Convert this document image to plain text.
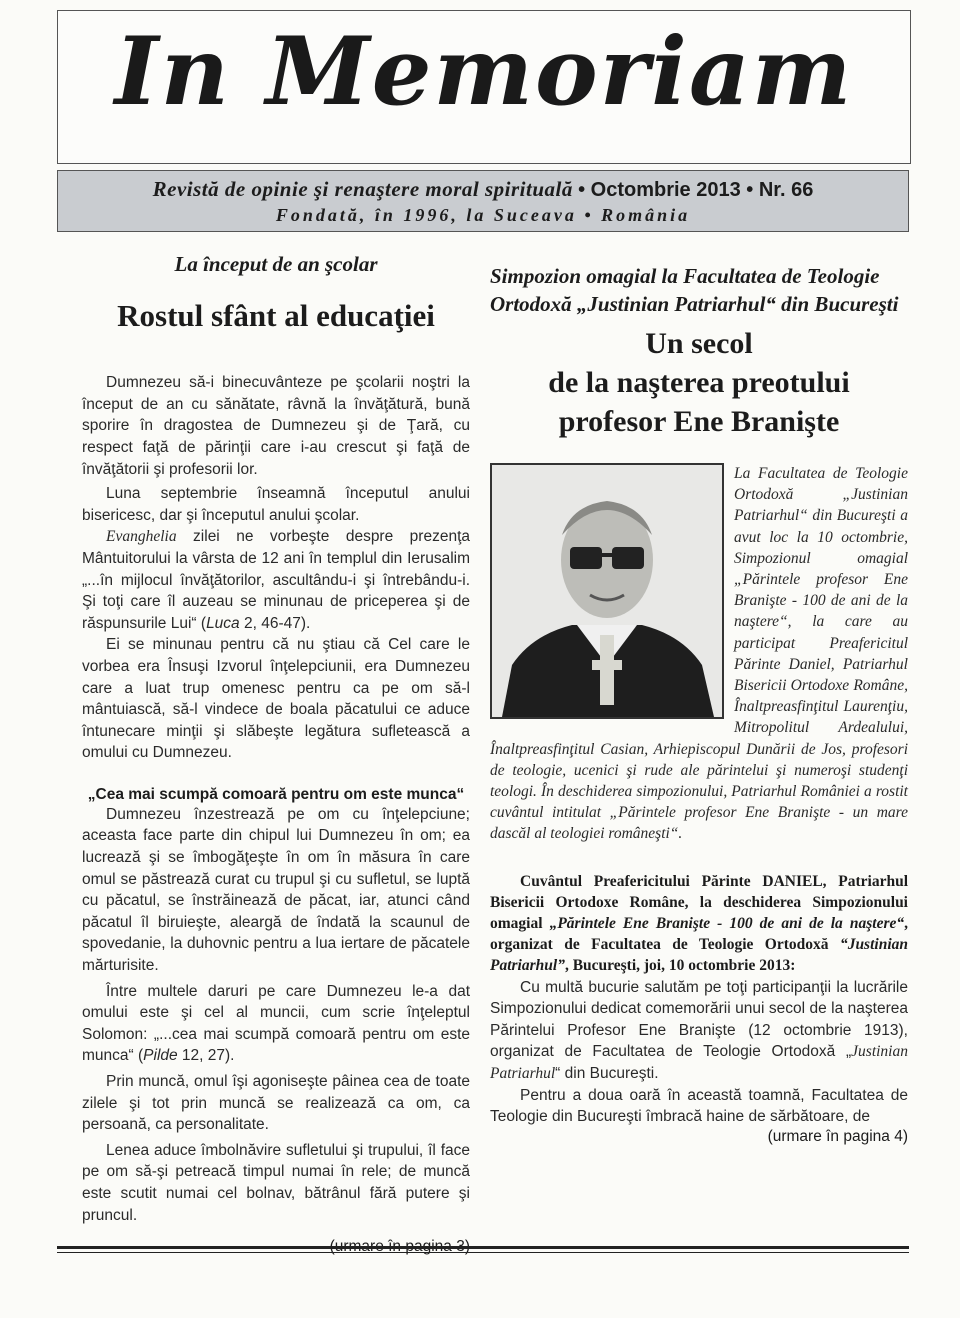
In Memoriam
Revistă de opinie şi renaştere moral spirituală • Octombrie 2013 • Nr. 66
Fondată, în 1996, la Suceava • România

La început de an şcolar

Rostul sfânt al educaţiei

Dumnezeu să-i binecuvânteze pe şcolarii noştri la început de an cu sănătate, râvnă la învăţătură, bună sporire în dragostea de Dumnezeu şi de Ţară, cu respect faţă de părinţii care i-au crescut şi faţă de învăţătorii şi profesorii lor.

Luna septembrie înseamnă începutul anului bisericesc, dar şi începutul anului şcolar.

Evanghelia zilei ne vorbeşte despre prezenţa Mântuitorului la vârsta de 12 ani în templul din Ierusalim „...în mijlocul învăţătorilor, ascultându-i şi întrebându-i. Şi toţi care îl auzeau se minunau de priceperea şi de răspunsurile Lui“ (Luca 2, 46-47).

Ei se minunau pentru că nu ştiau că Cel care le vorbea era Însuşi Izvorul înţelepciunii, era Dumnezeu care a luat trup omenesc pentru ca pe om să-l mântuiască, să-l vindece de boala păcatului ce aduce întunecare minţii şi slăbeşte legătura sufletească a omului cu Dumnezeu.

„Cea mai scumpă comoară pentru om este munca“

Dumnezeu înzestrează pe om cu înţelepciune; aceasta face parte din chipul lui Dumnezeu în om; ea lucrează şi se îmbogăţeşte în om în măsura în care omul se păstrează curat cu trupul şi cu sufletul, se luptă cu păcatul, se înstrăinează de păcat, iar, atunci când păcatul îl biruieşte, aleargă de îndată la scaunul de spovedanie, la duhovnic pentru a lua iertare de păcatele mărturisite.

Între multele daruri pe care Dumnezeu le-a dat omului este şi cel al muncii, cum scrie înţeleptul Solomon: „...cea mai scumpă comoară pentru om este munca“ (Pilde 12, 27).

Prin muncă, omul îşi agoniseşte pâinea cea de toate zilele şi tot prin muncă se realizează ca om, ca persoană, ca personalitate.

Lenea aduce îmbolnăvire sufletului şi trupului, îl face pe om să-şi petreacă timpul numai în rele; de muncă este scutit numai cel bolnav, bătrânul fără putere şi pruncul.

Simpozion omagial la Facultatea de Teologie Ortodoxă „Justinian Patriarhul“ din Bucureşti

Un secol
de la naşterea preotului
profesor Ene Branişte

La Facultatea de Teologie Ortodoxă „Justinian Patriarhul“ din Bucureşti a avut loc la 10 octombrie, Simpozionul omagial „Părintele profesor Ene Branişte - 100 de ani de la naştere“, la care au participat Preafericitul Părinte Daniel, Patriarhul Bisericii Ortodoxe Române, Înaltpreasfinţitul Laurenţiu, Mitropolitul Ardealului, Înaltpreasfinţitul Casian, Arhiepiscopul Dunării de Jos, profesori de teologie, ucenici şi rude ale părintelui şi numeroşi studenţi teologi. În deschiderea simpozionului, Patriarhul României a rostit cuvântul intitulat „Părintele profesor Ene Branişte - un mare dascăl al teologiei româneşti“.

Cuvântul Preafericitului Părinte DANIEL, Patriarhul Bisericii Ortodoxe Române, la deschiderea Simpozionului omagial „Părintele Ene Branişte - 100 de ani de la naştere“, organizat de Facultatea de Teologie Ortodoxă “Justinian Patriarhul”, Bucureşti, joi, 10 octombrie 2013:

Cu multă bucurie salutăm pe toţi participanţii la lucrările Simpozionului dedicat comemorării unui secol de la naşterea Părintelui Profesor Ene Branişte (12 octombrie 1913), organizat de Facultatea de Teologie Ortodoxă „Justinian Patriarhul“ din Bucureşti.

Pentru a doua oară în această toamnă, Facultatea de Teologie din Bucureşti îmbracă haine de sărbătoare, de

(urmare în pagina 4)
